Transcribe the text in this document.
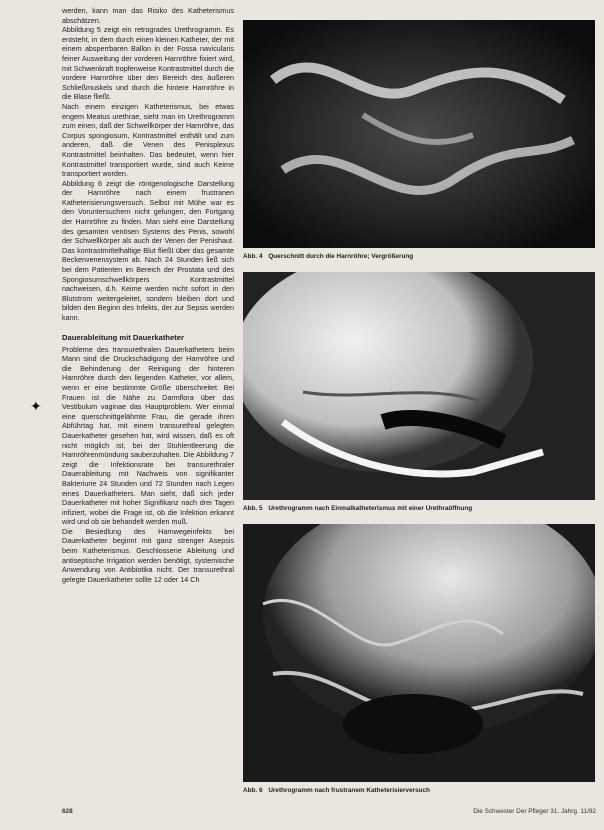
✦

werden, kann man das Risiko des Katheterismus abschätzen.

Abbildung 5 zeigt ein retrogrades Urethrogramm. Es entsteht, in dem durch einen kleinen Katheter, der mit einem absperrbaren Ballon in der Fossa navicularis feiner Ausweitung der vorderen Harnröhre fixiert wird, mit Schwenkraft tropfenweise Kontrastmittel durch die vordere Harnröhre über den Bereich des äußeren Schließmuskels und durch die hintere Harnröhre in die Blase fließt.

Nach einem einzigen Katheterismus, bei etwas engem Meatus urethrae, sieht man im Urethrogramm zum einen, daß der Schwellkörper der Harnröhre, das Corpus spongiosum, Kontrastmittel enthält und zum anderen, daß die Venen des Penisplexus Kontrastmittel beinhalten. Das bedeutet, wenn hier Kontrastmittel transportiert wurde, sind auch Keime transportiert worden.

Abbildung 6 zeigt die röntgenologische Darstellung der Harnröhre nach einem frustranen Katheterisierungsversuch. Selbst mit Mühe war es den Voruntersuchern nicht gelungen, den Fortgang der Harnröhre zu finden. Man sieht eine Darstellung des gesamten venösen Systems des Penis, sowohl der Schwellkörper als auch der Venen der Penishaut. Das kontrastmittelhaltige Blut fließt über das gesamte Beckenvenensystem ab. Nach 24 Stunden ließ sich bei dem Patienten im Bereich der Prostata und des Spongiosumschwellkörpers Kontrastmittel nachweisen, d.h. Keime werden nicht sofort in den Blutstrom weitergeleitet, sondern bleiben dort und bilden den Beginn des Infekts, der zur Sepsis werden kann.

Dauerableitung mit Dauerkatheter

Probleme des transurethralen Dauerkatheters beim Mann sind die Druckschädigung der Harnröhre und die Behinderung der Reinigung der hinteren Harnröhre durch den liegenden Katheter, vor allem, wenn er eine bestimmte Größe überschreitet. Bei Frauen ist die Nähe zu Darmflora über das Vestibulum vaginae das Hauptproblem. Wer einmal eine querschnittgelähmte Frau, die gerade ihren Abführtag hat, mit einem transurethral gelegten Dauerkatheter gesehen hat, wird wissen, daß es oft nicht möglich ist, bei der Stuhlentleerung die Harnröhrenmündung sauberzuhalten. Die Abbildung 7 zeigt die Infektionsrate bei transurethraler Dauerableitung mit Nachweis von signifikanter Bakteriurie 24 Stunden und 72 Stunden nach Legen eines Dauerkatheters. Man sieht, daß sich jeder Dauerkatheter mit hoher Signifikanz nach drei Tagen infiziert, wobei die Frage ist, ob die Infektion erkannt wird und ob sie behandelt werden muß.

Die Besiedlung des Harnwegeinfekts bei Dauerkatheter beginnt mit ganz strenger Asepsis beim Katheterismus. Geschlossene Ableitung und antiseptische Irrigation werden benötigt, systemische Anwendung von Antibiotika nicht. Der transurethral gelegte Dauerkatheter sollte 12 oder 14 Ch

Abb. 4 Querschnitt durch die Harnröhre; Vergrößerung
Abb. 5 Urethrogramm nach Einmalkatheterismus mit einer Urethraöffnung
Abb. 6 Urethrogramm nach frustranem Katheterisierversuch
628	Die Schwester Der Pfleger 31. Jahrg. 11/92
